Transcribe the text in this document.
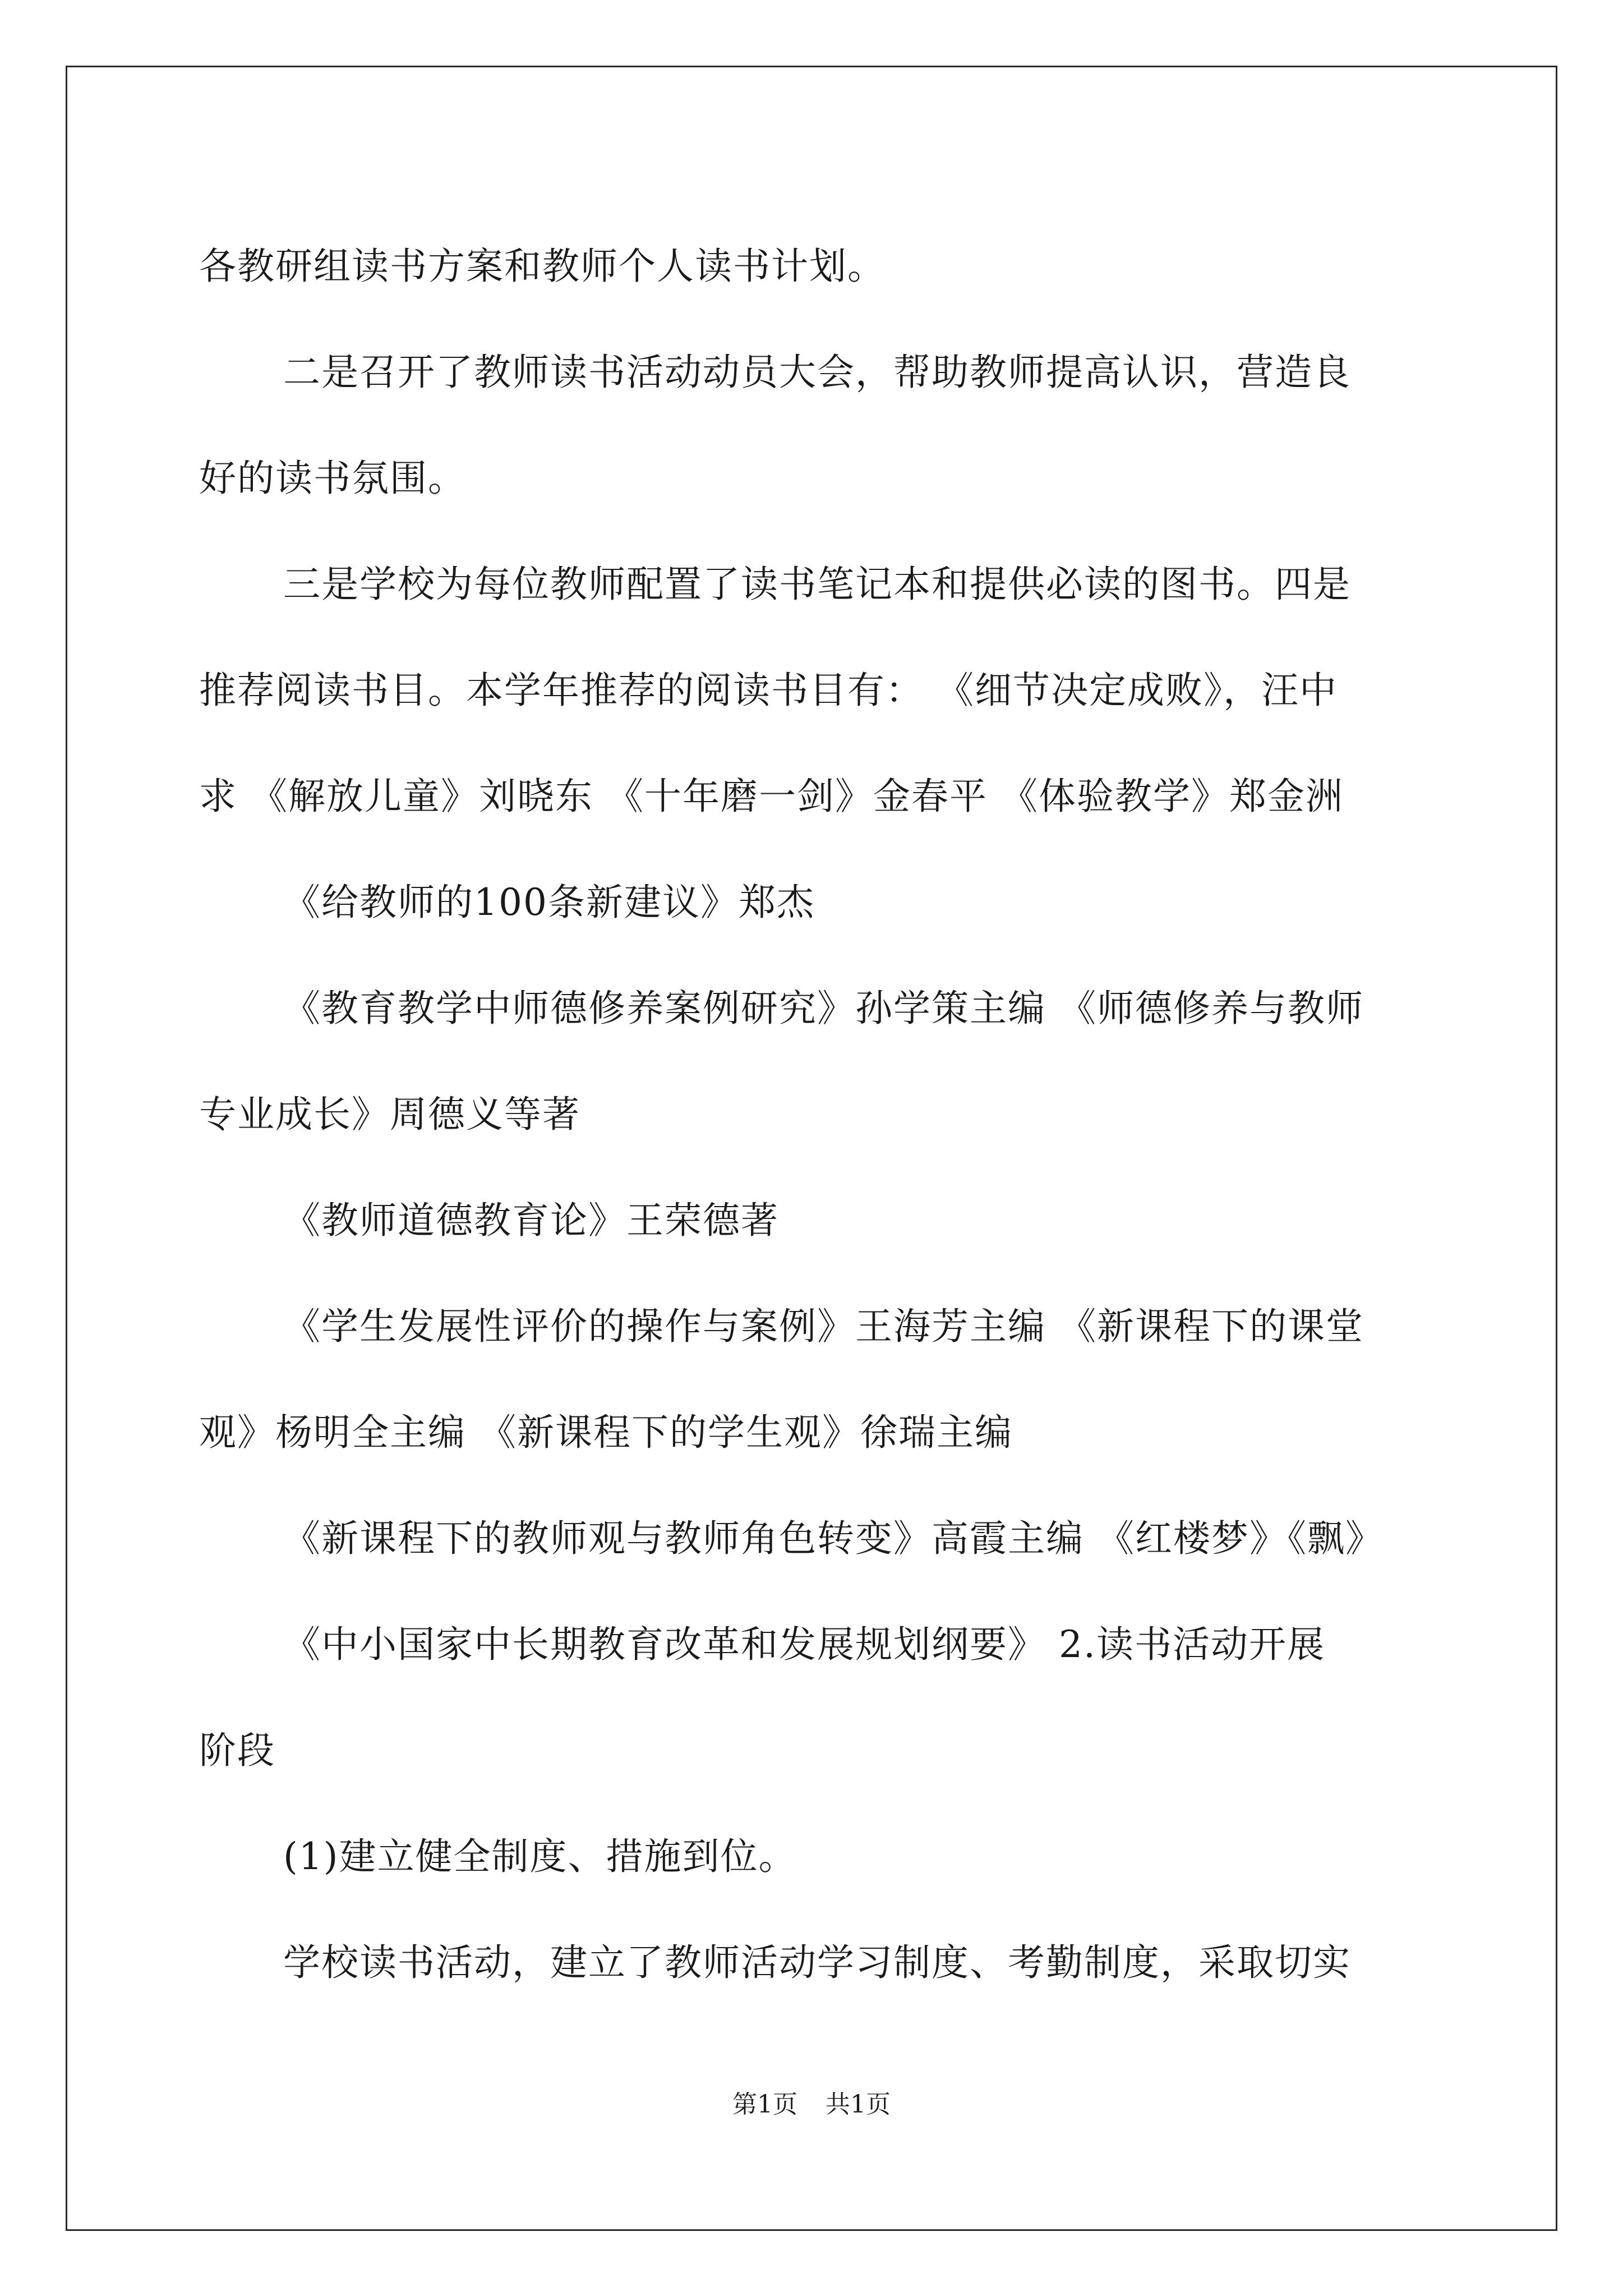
各教研组读书方案和教师个人读书计划。
二是召开了教师读书活动动员大会，帮助教师提高认识，营造良
好的读书氛围。
三是学校为每位教师配置了读书笔记本和提供必读的图书。四是
推荐阅读书目。本学年推荐的阅读书目有： 《细节决定成败》，汪中
求 《解放儿童》刘晓东 《十年磨一剑》金春平 《体验教学》郑金洲
《给教师的100条新建议》郑杰
《教育教学中师德修养案例研究》孙学策主编 《师德修养与教师
专业成长》周德义等著
《教师道德教育论》王荣德著
《学生发展性评价的操作与案例》王海芳主编 《新课程下的课堂
观》杨明全主编 《新课程下的学生观》徐瑞主编
《新课程下的教师观与教师角色转变》高霞主编 《红楼梦》《飘》
《中小国家中长期教育改革和发展规划纲要》 2.读书活动开展
阶段
(1)建立健全制度、措施到位。
学校读书活动，建立了教师活动学习制度、考勤制度，采取切实
第1页 共1页
